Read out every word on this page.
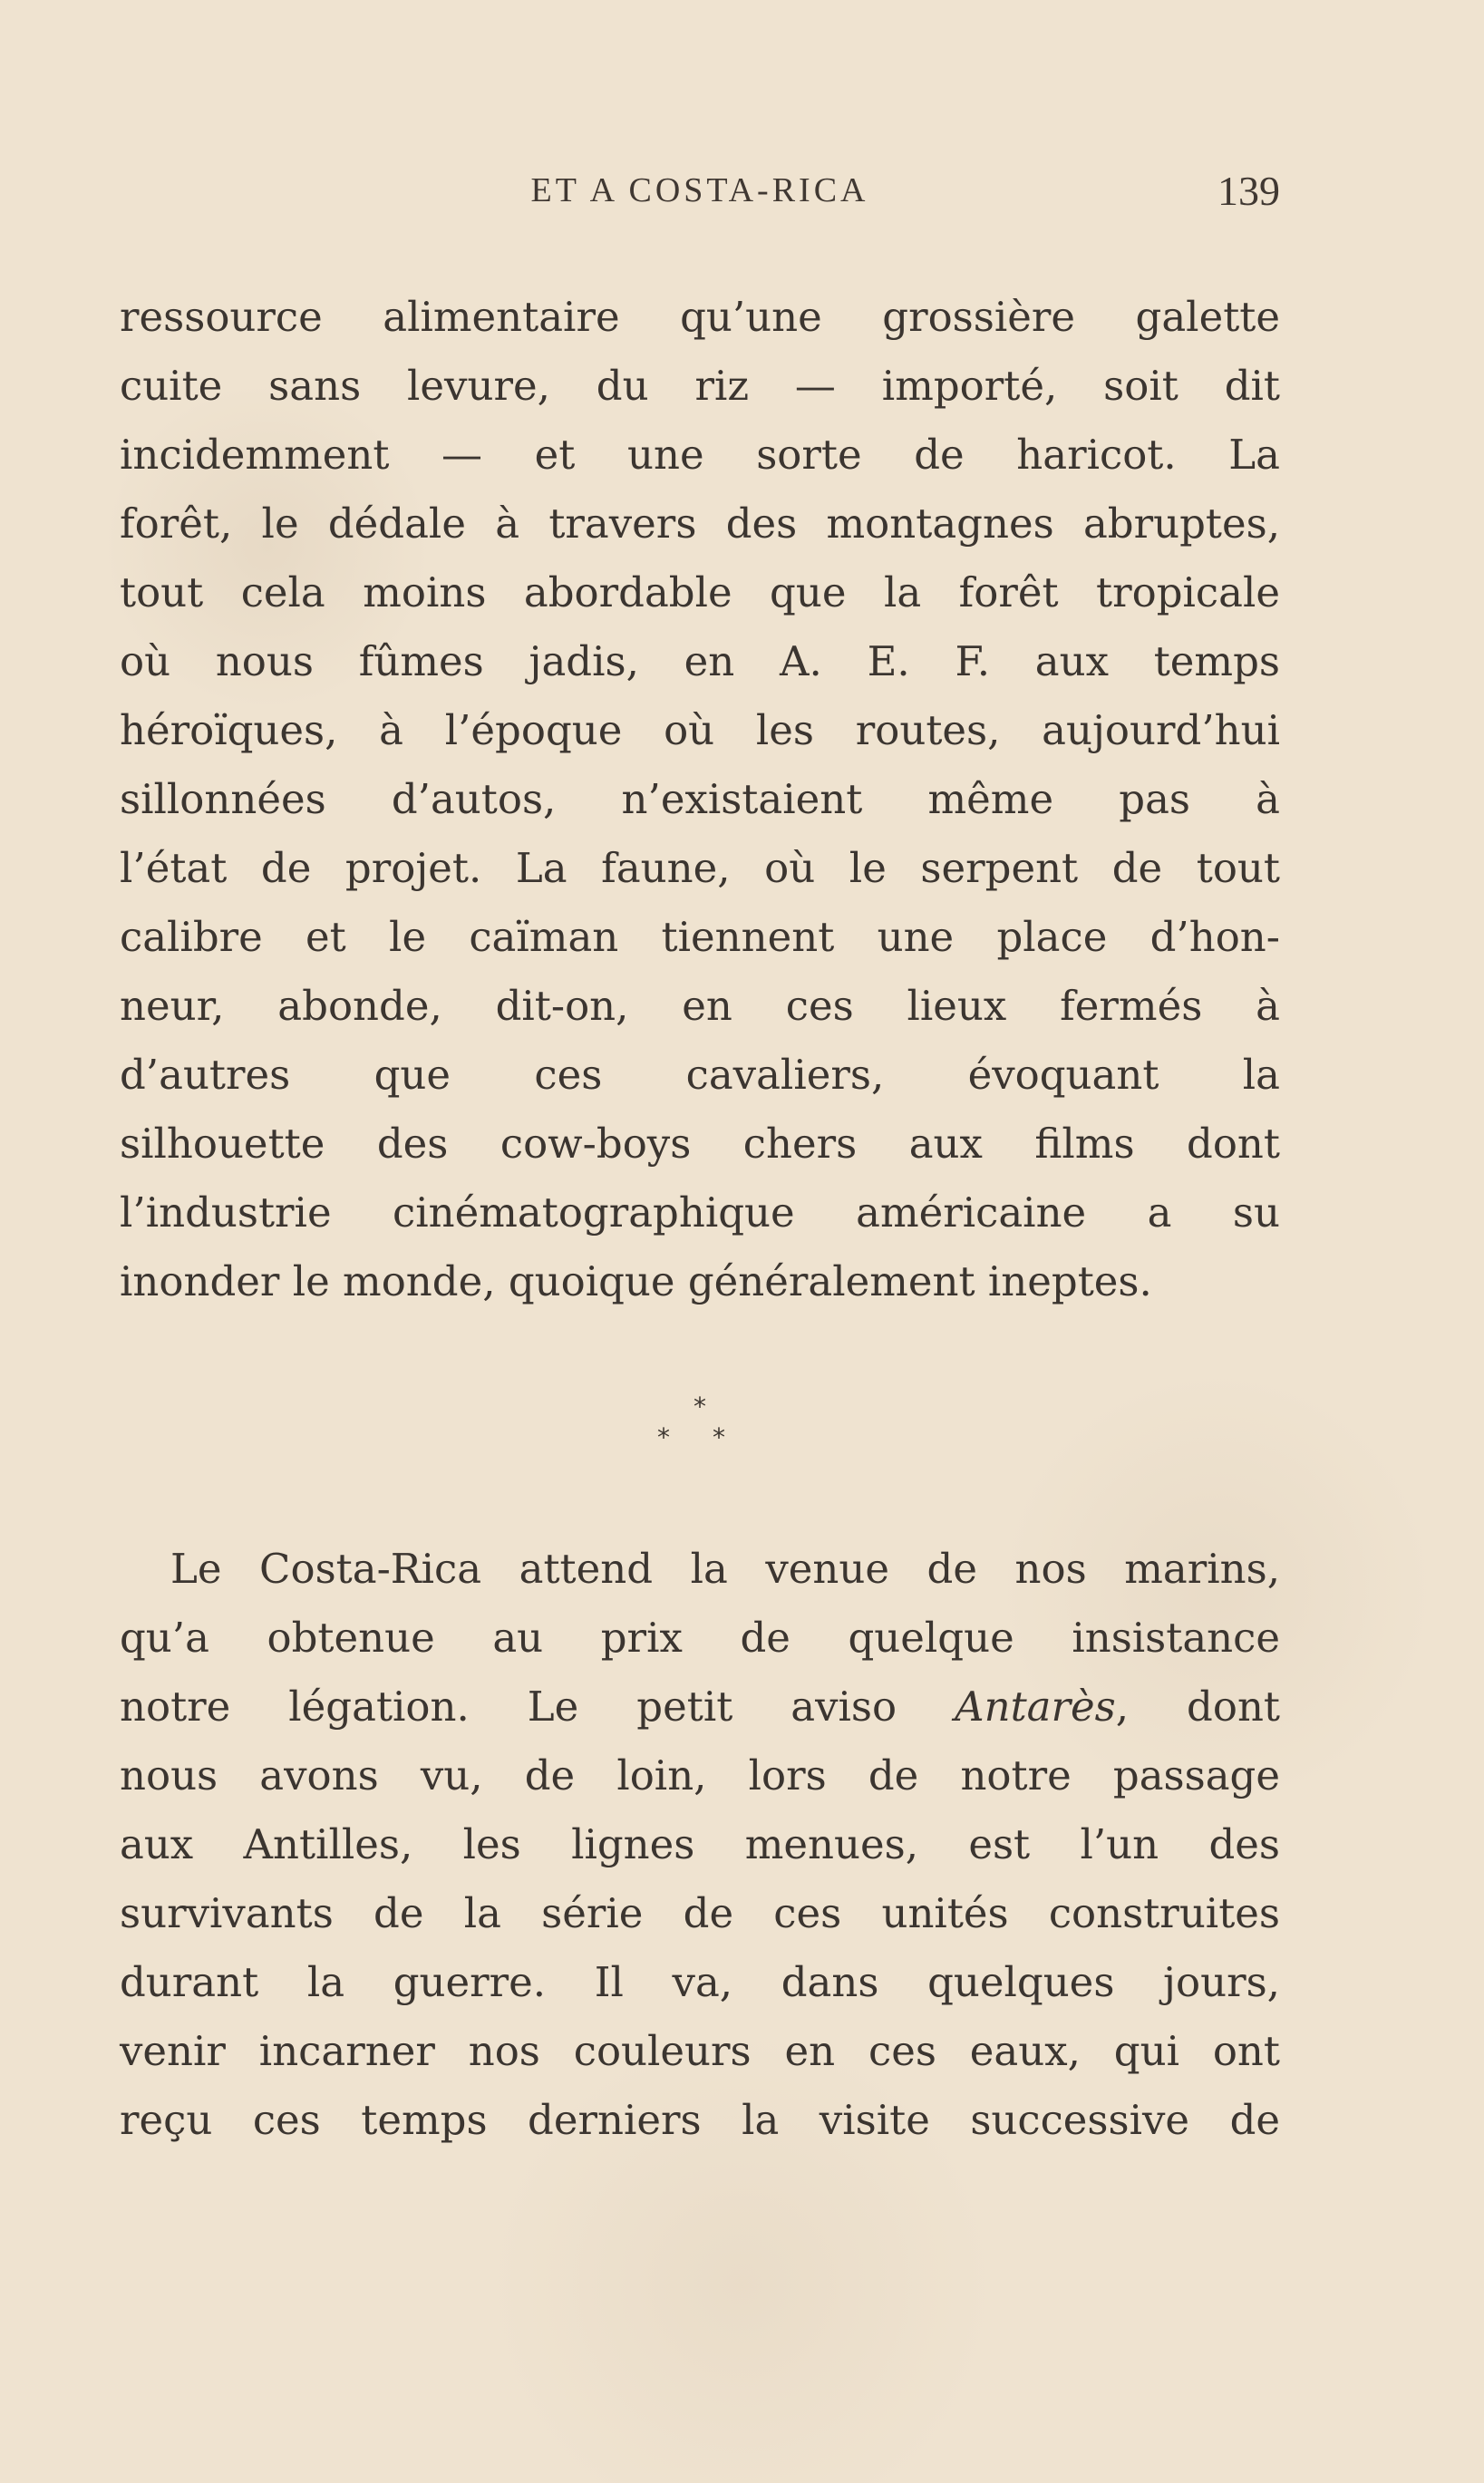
ET A COSTA-RICA	139
ressource alimentaire qu’une grossière galette
cuite sans levure, du riz — importé, soit dit
incidemment — et une sorte de haricot. La
forêt, le dédale à travers des montagnes abruptes,
tout cela moins abordable que la forêt tropicale
où nous fûmes jadis, en A. E. F. aux temps
héroïques, à l’époque où les routes, aujourd’hui
sillonnées d’autos, n’existaient même pas à
l’état de projet. La faune, où le serpent de tout
calibre et le caïman tiennent une place d’hon-
neur, abonde, dit-on, en ces lieux fermés à
d’autres que ces cavaliers, évoquant la
silhouette des cow-boys chers aux films dont
l’industrie cinématographique américaine a su
inonder le monde, quoique généralement ineptes.
*
* *
Le Costa-Rica attend la venue de nos marins,
qu’a obtenue au prix de quelque insistance
notre légation. Le petit aviso Antarès, dont
nous avons vu, de loin, lors de notre passage
aux Antilles, les lignes menues, est l’un des
survivants de la série de ces unités construites
durant la guerre. Il va, dans quelques jours,
venir incarner nos couleurs en ces eaux, qui ont
reçu ces temps derniers la visite successive de
